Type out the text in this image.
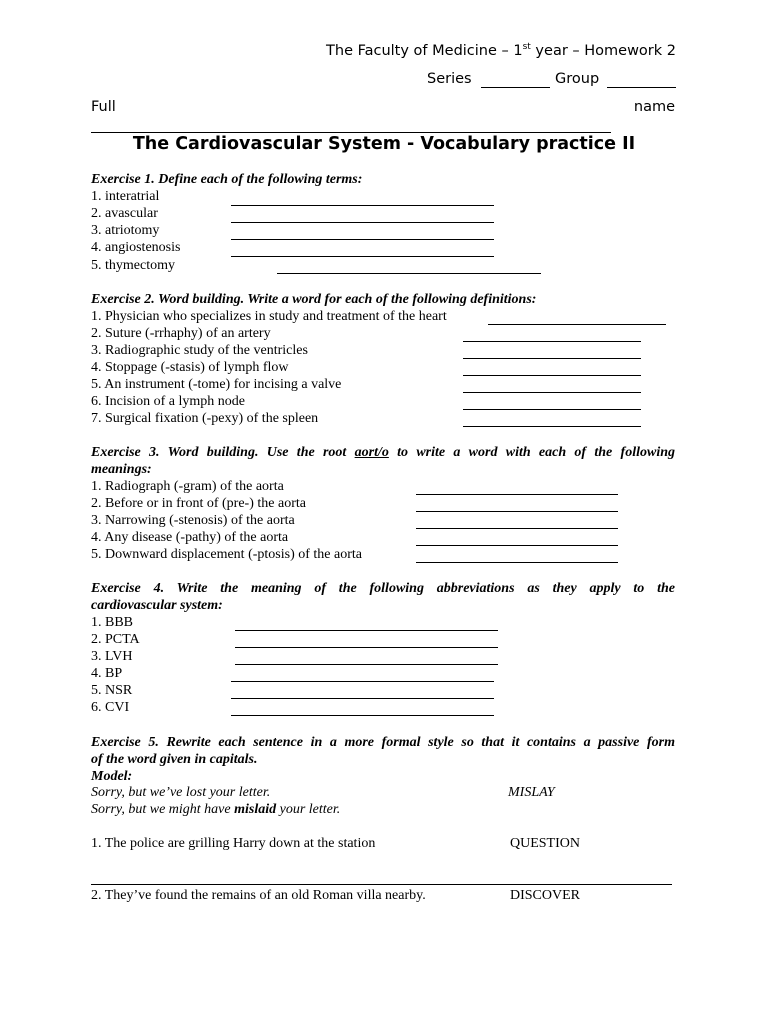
The Faculty of Medicine – 1st year – Homework 2
Series	Group
Full	name
The Cardiovascular System - Vocabulary practice II
Exercise 1. Define each of the following terms:
1. interatrial
2. avascular
3. atriotomy
4. angiostenosis
5. thymectomy
Exercise 2. Word building. Write a word for each of the following definitions:
1. Physician who specializes in study and treatment of the heart
2. Suture (-rrhaphy) of an artery
3. Radiographic study of the ventricles
4. Stoppage (-stasis) of lymph flow
5. An instrument (-tome) for incising a valve
6. Incision of a lymph node
7. Surgical fixation (-pexy) of the spleen
Exercise 3. Word building. Use the root aort/o to write a word with each of the following
meanings:
1. Radiograph (-gram) of the aorta
2. Before or in front of (pre-) the aorta
3. Narrowing (-stenosis) of the aorta
4. Any disease (-pathy) of the aorta
5. Downward displacement (-ptosis) of the aorta
Exercise 4. Write the meaning of the following abbreviations as they apply to the
cardiovascular system:
1. BBB
2. PCTA
3. LVH
4. BP
5. NSR
6. CVI
Exercise 5. Rewrite each sentence in a more formal style so that it contains a passive form
of the word given in capitals.
Model:
Sorry, but we’ve lost your letter.	MISLAY
Sorry, but we might have mislaid your letter.
1. The police are grilling Harry down at the station	QUESTION
2. They’ve found the remains of an old Roman villa nearby.	DISCOVER
